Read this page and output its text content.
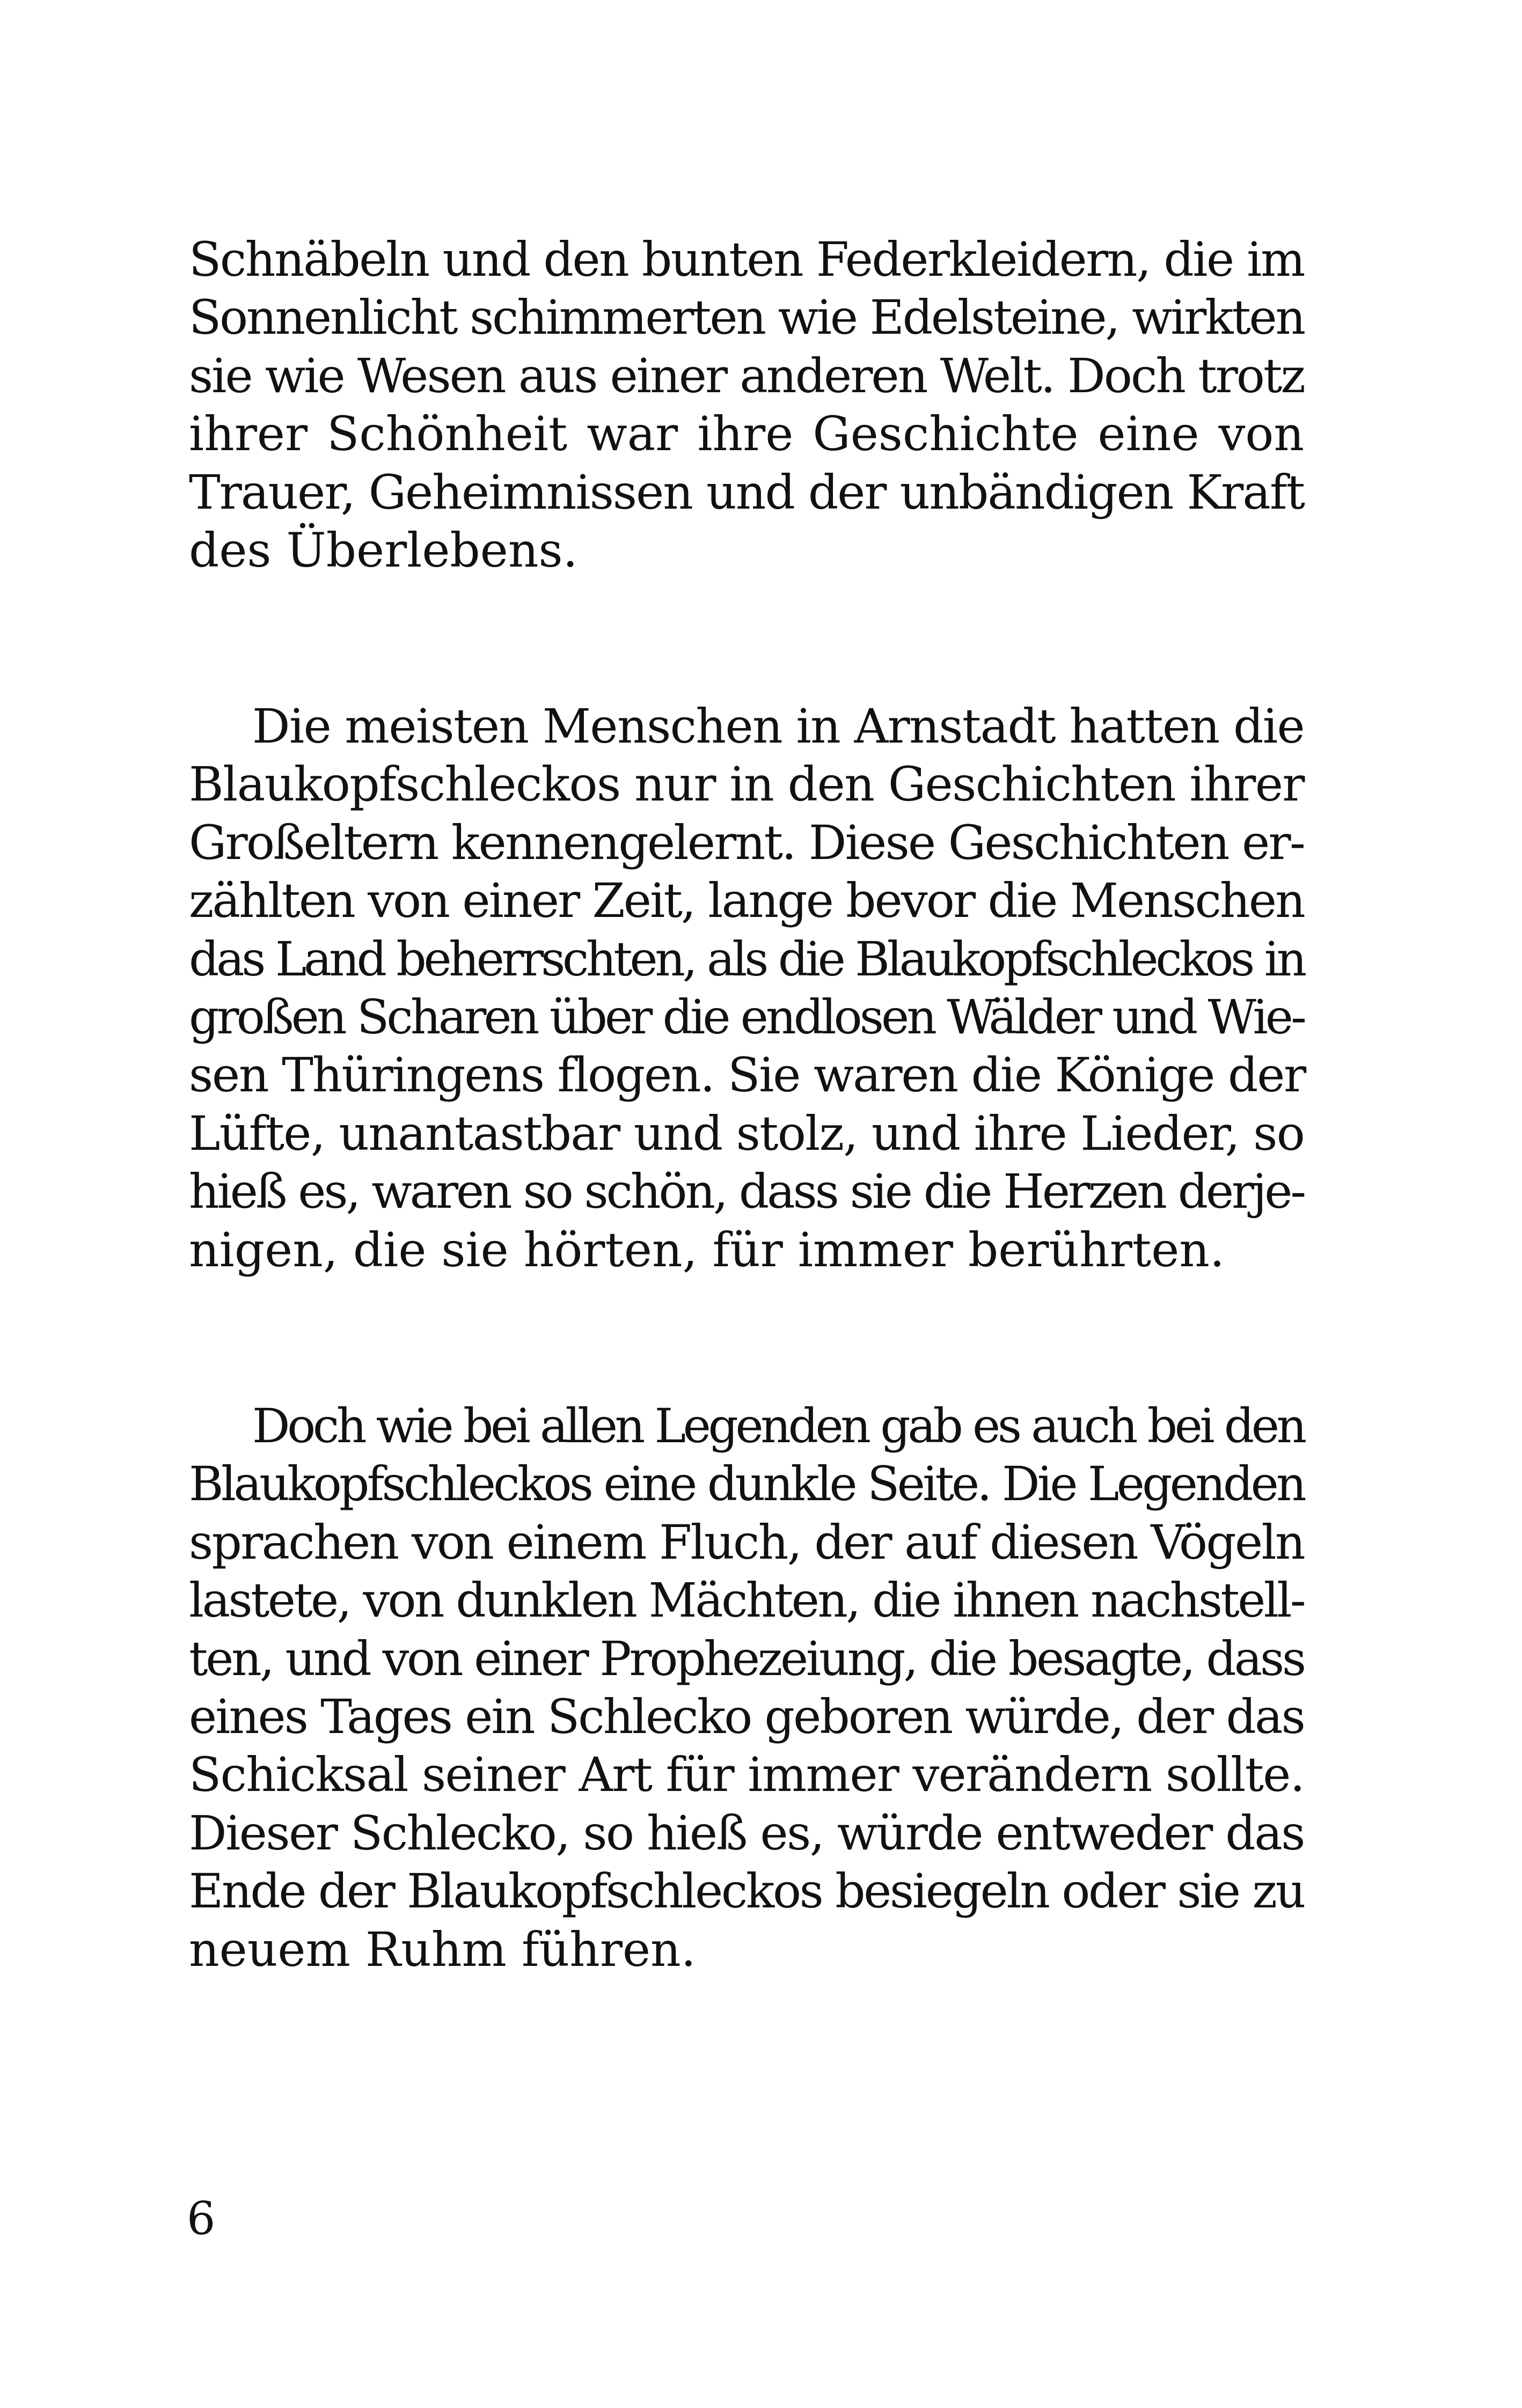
Schnäbeln und den bunten Federkleidern, die im
Sonnenlicht schimmerten wie Edelsteine, wirkten
sie wie Wesen aus einer anderen Welt. Doch trotz
ihrer Schönheit war ihre Geschichte eine von
Trauer, Geheimnissen und der unbändigen Kraft
des Überlebens.
Die meisten Menschen in Arnstadt hatten die
Blaukopfschleckos nur in den Geschichten ihrer
Großeltern kennengelernt. Diese Geschichten er-
zählten von einer Zeit, lange bevor die Menschen
das Land beherrschten, als die Blaukopfschleckos in
großen Scharen über die endlosen Wälder und Wie-
sen Thüringens flogen. Sie waren die Könige der
Lüfte, unantastbar und stolz, und ihre Lieder, so
hieß es, waren so schön, dass sie die Herzen derje-
nigen, die sie hörten, für immer berührten.
Doch wie bei allen Legenden gab es auch bei den
Blaukopfschleckos eine dunkle Seite. Die Legenden
sprachen von einem Fluch, der auf diesen Vögeln
lastete, von dunklen Mächten, die ihnen nachstell-
ten, und von einer Prophezeiung, die besagte, dass
eines Tages ein Schlecko geboren würde, der das
Schicksal seiner Art für immer verändern sollte.
Dieser Schlecko, so hieß es, würde entweder das
Ende der Blaukopfschleckos besiegeln oder sie zu
neuem Ruhm führen.
6
